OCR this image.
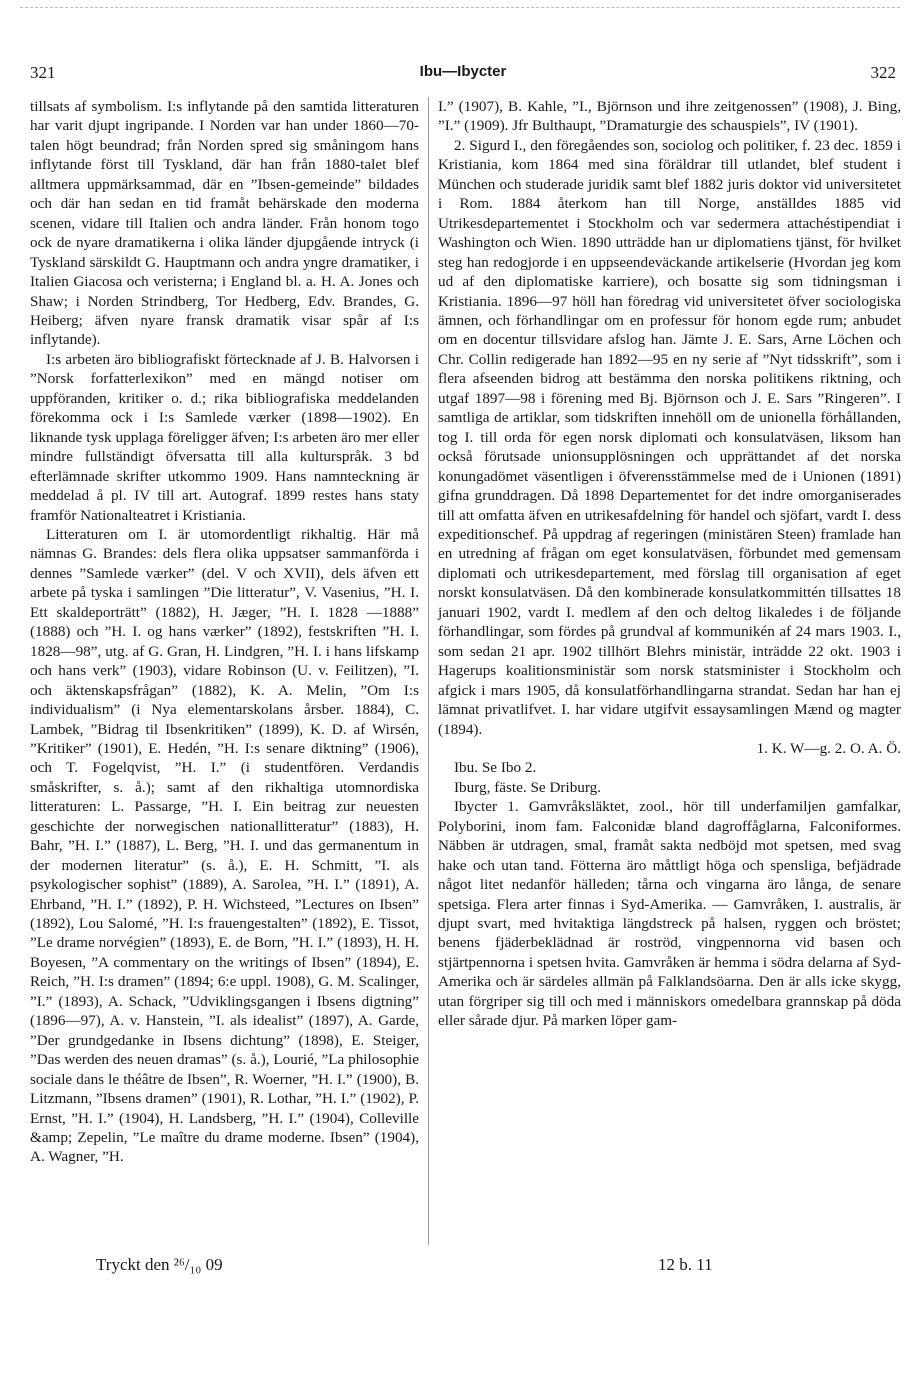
321	Ibu—Ibycter	322

tillsats af symbolism. I:s inflytande på den samtida litteraturen har varit djupt ingripande. I Norden var han under 1860—70-talen högt beundrad; från Norden spred sig småningom hans inflytande först till Tyskland, där han från 1880-talet blef alltmera uppmärksammad, där en ”Ibsen-gemeinde” bildades och där han sedan en tid framåt behärskade den moderna scenen, vidare till Italien och andra länder. Från honom togo ock de nyare dramatikerna i olika länder djupgående intryck (i Tyskland särskildt G. Hauptmann och andra yngre dramatiker, i Italien Giacosa och veristerna; i England bl. a. H. A. Jones och Shaw; i Norden Strindberg, Tor Hedberg, Edv. Brandes, G. Heiberg; äfven nyare fransk dramatik visar spår af I:s inflytande).

I:s arbeten äro bibliografiskt förtecknade af J. B. Halvorsen i ”Norsk forfatterlexikon” med en mängd notiser om uppföranden, kritiker o. d.; rika bibliografiska meddelanden förekomma ock i I:s Samlede værker (1898—1902). En liknande tysk upplaga föreligger äfven; I:s arbeten äro mer eller mindre fullständigt öfversatta till alla kulturspråk. 3 bd efterlämnade skrifter utkommo 1909. Hans namnteckning är meddelad å pl. IV till art. Autograf. 1899 restes hans staty framför Nationalteatret i Kristiania.

Litteraturen om I. är utomordentligt rikhaltig. Här må nämnas G. Brandes: dels flera olika uppsatser sammanförda i dennes ”Samlede værker” (del. V och XVII), dels äfven ett arbete på tyska i samlingen ”Die litteratur”, V. Vasenius, ”H. I. Ett skaldeporträtt” (1882), H. Jæger, ”H. I. 1828 —1888” (1888) och ”H. I. og hans værker” (1892), festskriften ”H. I. 1828—98”, utg. af G. Gran, H. Lindgren, ”H. I. i hans lifskamp och hans verk” (1903), vidare Robinson (U. v. Feilitzen), ”I. och äktenskapsfrågan” (1882), K. A. Melin, ”Om I:s individualism” (i Nya elementarskolans årsber. 1884), C. Lambek, ”Bidrag til Ibsenkritiken” (1899), K. D. af Wirsén, ”Kritiker” (1901), E. Hedén, ”H. I:s senare diktning” (1906), och T. Fogelqvist, ”H. I.” (i studentfören. Verdandis småskrifter, s. å.); samt af den rikhaltiga utomnordiska litteraturen: L. Passarge, ”H. I. Ein beitrag zur neuesten geschichte der norwegischen nationallitteratur” (1883), H. Bahr, ”H. I.” (1887), L. Berg, ”H. I. und das germanentum in der modernen literatur” (s. å.), E. H. Schmitt, ”I. als psykologischer sophist” (1889), A. Sarolea, ”H. I.” (1891), A. Ehrband, ”H. I.” (1892), P. H. Wichsteed, ”Lectures on Ibsen” (1892), Lou Salomé, ”H. I:s frauengestalten” (1892), E. Tissot, ”Le drame norvégien” (1893), E. de Born, ”H. I.” (1893), H. H. Boyesen, ”A commentary on the writings of Ibsen” (1894), E. Reich, ”H. I:s dramen” (1894; 6:e uppl. 1908), G. M. Scalinger, ”I.” (1893), A. Schack, ”Udviklingsgangen i Ibsens digtning” (1896—97), A. v. Hanstein, ”I. als idealist” (1897), A. Garde, ”Der grundgedanke in Ibsens dichtung” (1898), E. Steiger, ”Das werden des neuen dramas” (s. å.), Lourié, ”La philosophie sociale dans le théâtre de Ibsen”, R. Woerner, ”H. I.” (1900), B. Litzmann, ”Ibsens dramen” (1901), R. Lothar, ”H. I.” (1902), P. Ernst, ”H. I.” (1904), H. Landsberg, ”H. I.” (1904), Colleville &amp; Zepelin, ”Le maître du drame moderne. Ibsen” (1904), A. Wagner, ”H.

I.” (1907), B. Kahle, ”I., Björnson und ihre zeitgenossen” (1908), J. Bing, ”I.” (1909). Jfr Bulthaupt, ”Dramaturgie des schauspiels”, IV (1901).

2. Sigurd I., den föregåendes son, sociolog och politiker, f. 23 dec. 1859 i Kristiania, kom 1864 med sina föräldrar till utlandet, blef student i München och studerade juridik samt blef 1882 juris doktor vid universitetet i Rom. 1884 återkom han till Norge, anställdes 1885 vid Utrikesdepartementet i Stockholm och var sedermera attachéstipendiat i Washington och Wien. 1890 utträdde han ur diplomatiens tjänst, för hvilket steg han redogjorde i en uppseendeväckande artikelserie (Hvordan jeg kom ud af den diplomatiske karriere), och bosatte sig som tidningsman i Kristiania. 1896—97 höll han föredrag vid universitetet öfver sociologiska ämnen, och förhandlingar om en professur för honom egde rum; anbudet om en docentur tillsvidare afslog han. Jämte J. E. Sars, Arne Löchen och Chr. Collin redigerade han 1892—95 en ny serie af ”Nyt tidsskrift”, som i flera afseenden bidrog att bestämma den norska politikens riktning, och utgaf 1897—98 i förening med Bj. Björnson och J. E. Sars ”Ringeren”. I samtliga de artiklar, som tidskriften innehöll om de unionella förhållanden, tog I. till orda för egen norsk diplomati och konsulatväsen, liksom han också förutsade unionsupplösningen och upprättandet af det norska konungadömet väsentligen i öfverensstämmelse med de i Unionen (1891) gifna grunddragen. Då 1898 Departementet for det indre omorganiserades till att omfatta äfven en utrikesafdelning för handel och sjöfart, vardt I. dess expeditionschef. På uppdrag af regeringen (ministären Steen) framlade han en utredning af frågan om eget konsulatväsen, förbundet med gemensam diplomati och utrikesdepartement, med förslag till organisation af eget norskt konsulatväsen. Då den kombinerade konsulatkommittén tillsattes 18 januari 1902, vardt I. medlem af den och deltog likaledes i de följande förhandlingar, som fördes på grundval af kommunikén af 24 mars 1903. I., som sedan 21 apr. 1902 tillhört Blehrs ministär, inträdde 22 okt. 1903 i Hagerups koalitionsministär som norsk statsminister i Stockholm och afgick i mars 1905, då konsulatförhandlingarna strandat. Sedan har han ej lämnat privatlifvet. I. har vidare utgifvit essaysamlingen Mænd og magter (1894).

1. K. W—g. 2. O. A. Ö.

Ibu. Se Ibo 2.

Iburg, fäste. Se Driburg.

Ibycter 1. Gamvråksläktet, zool., hör till underfamiljen gamfalkar, Polyborini, inom fam. Falconidæ bland dagroffåglarna, Falconiformes. Näbben är utdragen, smal, framåt sakta nedböjd mot spetsen, med svag hake och utan tand. Fötterna äro måttligt höga och spensliga, befjädrade något litet nedanför hälleden; tårna och vingarna äro långa, de senare spetsiga. Flera arter finnas i Syd-Amerika. — Gamvråken, I. australis, är djupt svart, med hvitaktiga längdstreck på halsen, ryggen och bröstet; benens fjäderbeklädnad är roströd, vingpennorna vid basen och stjärtpennorna i spetsen hvita. Gamvråken är hemma i södra delarna af Syd-Amerika och är särdeles allmän på Falklandsöarna. Den är alls icke skygg, utan förgriper sig till och med i människors omedelbara grannskap på döda eller sårade djur. På marken löper gam-

Tryckt den ²⁶/₁₀ 09	12 b. 11
